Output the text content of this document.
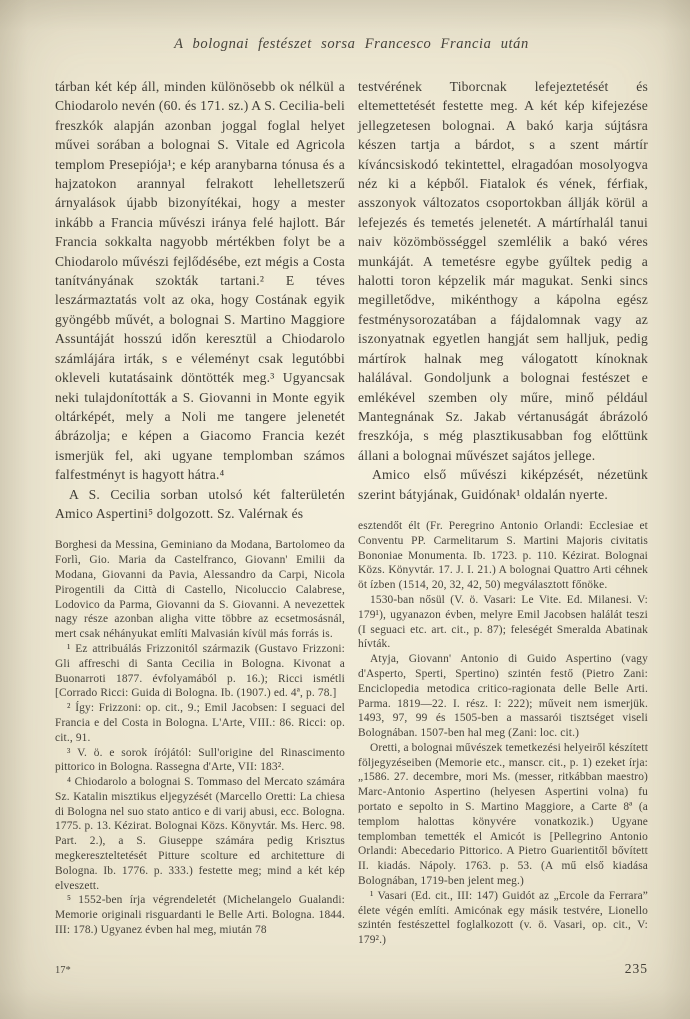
A bolognai festészet sorsa Francesco Francia után

tárban két kép áll, minden különösebb ok nélkül a Chiodarolo nevén (60. és 171. sz.) A S. Cecilia-beli freszkók alapján azonban joggal foglal helyet művei sorában a bolognai S. Vitale ed Agricola templom Presepiója¹; e kép aranybarna tónusa és a hajzatokon arannyal felrakott lehelletszerű árnyalások újabb bizonyítékai, hogy a mester inkább a Francia művészi iránya felé hajlott. Bár Francia sokkalta nagyobb mértékben folyt be a Chiodarolo művészi fejlődésébe, ezt mégis a Costa tanítványának szokták tartani.² E téves leszármaztatás volt az oka, hogy Costának egyik gyöngébb művét, a bolognai S. Martino Maggiore Assuntáját hosszú időn keresztül a Chiodarolo számlájára irták, s e véleményt csak legutóbbi okleveli kutatásaink döntötték meg.³ Ugyancsak neki tulajdonították a S. Giovanni in Monte egyik oltárképét, mely a Noli me tangere jelenetét ábrázolja; e képen a Giacomo Francia kezét ismerjük fel, aki ugyane templomban számos falfestményt is hagyott hátra.⁴

A S. Cecilia sorban utolsó két falterületén Amico Aspertini⁵ dolgozott. Sz. Valérnak és

Borghesi da Messina, Geminiano da Modana, Bartolomeo da Forlì, Gio. Maria da Castelfranco, Giovann' Emilii da Modana, Giovanni da Pavia, Alessandro da Carpi, Nicola Pirogentili da Città di Castello, Nicoluccio Calabrese, Lodovico da Parma, Giovanni da S. Giovanni. A nevezettek nagy része azonban aligha vitte többre az ecsetmosásnál, mert csak néhányukat említi Malvasián kívül más forrás is.

¹ Ez attribuálás Frizzonitól származik (Gustavo Frizzoni: Gli affreschi di Santa Cecilia in Bologna. Kivonat a Buonarroti 1877. évfolyamából p. 16.); Ricci ismétli [Corrado Ricci: Guida di Bologna. Ib. (1907.) ed. 4ª, p. 78.]

² Így: Frizzoni: op. cit., 9.; Emil Jacobsen: I seguaci del Francia e del Costa in Bologna. L'Arte, VIII.: 86. Ricci: op. cit., 91.

³ V. ö. e sorok írójától: Sull'origine del Rinascimento pittorico in Bologna. Rassegna d'Arte, VII: 183².

⁴ Chiodarolo a bolognai S. Tommaso del Mercato számára Sz. Katalin misztikus eljegyzését (Marcello Oretti: La chiesa di Bologna nel suo stato antico e di varij abusi, ecc. Bologna. 1775. p. 13. Kézirat. Bolognai Közs. Könyvtár. Ms. Herc. 98. Part. 2.), a S. Giuseppe számára pedig Krisztus megkereszteltetését Pitture scolture ed architetture di Bologna. Ib. 1776. p. 333.) festette meg; mind a két kép elveszett.

⁵ 1552-ben írja végrendeletét (Michelangelo Gualandi: Memorie originali risguardanti le Belle Arti. Bologna. 1844. III: 178.) Ugyanez évben hal meg, miután 78

testvérének Tiborcnak lefejeztetését és eltemettetését festette meg. A két kép kifejezése jellegzetesen bolognai. A bakó karja sújtásra készen tartja a bárdot, s a szent mártír kíváncsiskodó tekintettel, elragadóan mosolyogva néz ki a képből. Fiatalok és vének, férfiak, asszonyok változatos csoportokban állják körül a lefejezés és temetés jelenetét. A mártírhalál tanui naiv közömbösséggel szemlélik a bakó véres munkáját. A temetésre egybe gyűltek pedig a halotti toron képzelik már magukat. Senki sincs megilletődve, mikénthogy a kápolna egész festménysorozatában a fájdalomnak vagy az iszonyatnak egyetlen hangját sem halljuk, pedig mártírok halnak meg válogatott kínoknak halálával. Gondoljunk a bolognai festészet e emlékével szemben oly műre, minő például Mantegnának Sz. Jakab vértanuságát ábrázoló freszkója, s még plasztikusabban fog előttünk állani a bolognai művészet sajátos jellege.

Amico első művészi kiképzését, nézetünk szerint bátyjának, Guidónak¹ oldalán nyerte.

esztendőt élt (Fr. Peregrino Antonio Orlandi: Ecclesiae et Conventu PP. Carmelitarum S. Martini Majoris civitatis Bononiae Monumenta. Ib. 1723. p. 110. Kézirat. Bolognai Közs. Könyvtár. 17. J. I. 21.) A bolognai Quattro Arti céhnek öt ízben (1514, 20, 32, 42, 50) megválasztott főnöke.

1530-ban nősül (V. ö. Vasari: Le Vite. Ed. Milanesi. V: 179¹), ugyanazon évben, melyre Emil Jacobsen halálát teszi (I seguaci etc. art. cit., p. 87); feleségét Smeralda Abatinak hívták.

Atyja, Giovann' Antonio di Guido Aspertino (vagy d'Asperto, Sperti, Spertino) szintén festő (Pietro Zani: Enciclopedia metodica critico-ragionata delle Belle Arti. Parma. 1819—22. I. rész. I: 222); műveit nem ismerjük. 1493, 97, 99 és 1505-ben a massarói tisztséget viseli Bolognában. 1507-ben hal meg (Zani: loc. cit.)

Oretti, a bolognai művészek temetkezési helyeiről készített följegyzéseiben (Memorie etc., manscr. cit., p. 1) ezeket írja: „1586. 27. decembre, mori Ms. (messer, ritkábban maestro) Marc-Antonio Aspertino (helyesen Aspertini volna) fu portato e sepolto in S. Martino Maggiore, a Carte 8ª (a templom halottas könyvére vonatkozik.) Ugyane templomban temették el Amicót is [Pellegrino Antonio Orlandi: Abecedario Pittorico. A Pietro Guarientitől bővített II. kiadás. Nápoly. 1763. p. 53. (A mű első kiadása Bolognában, 1719-ben jelent meg.)

¹ Vasari (Ed. cit., III: 147) Guidót az „Ercole da Ferrara” élete végén említi. Amicónak egy másik testvére, Lionello szintén festészettel foglalkozott (v. ö. Vasari, op. cit., V: 179².)

17*	235
